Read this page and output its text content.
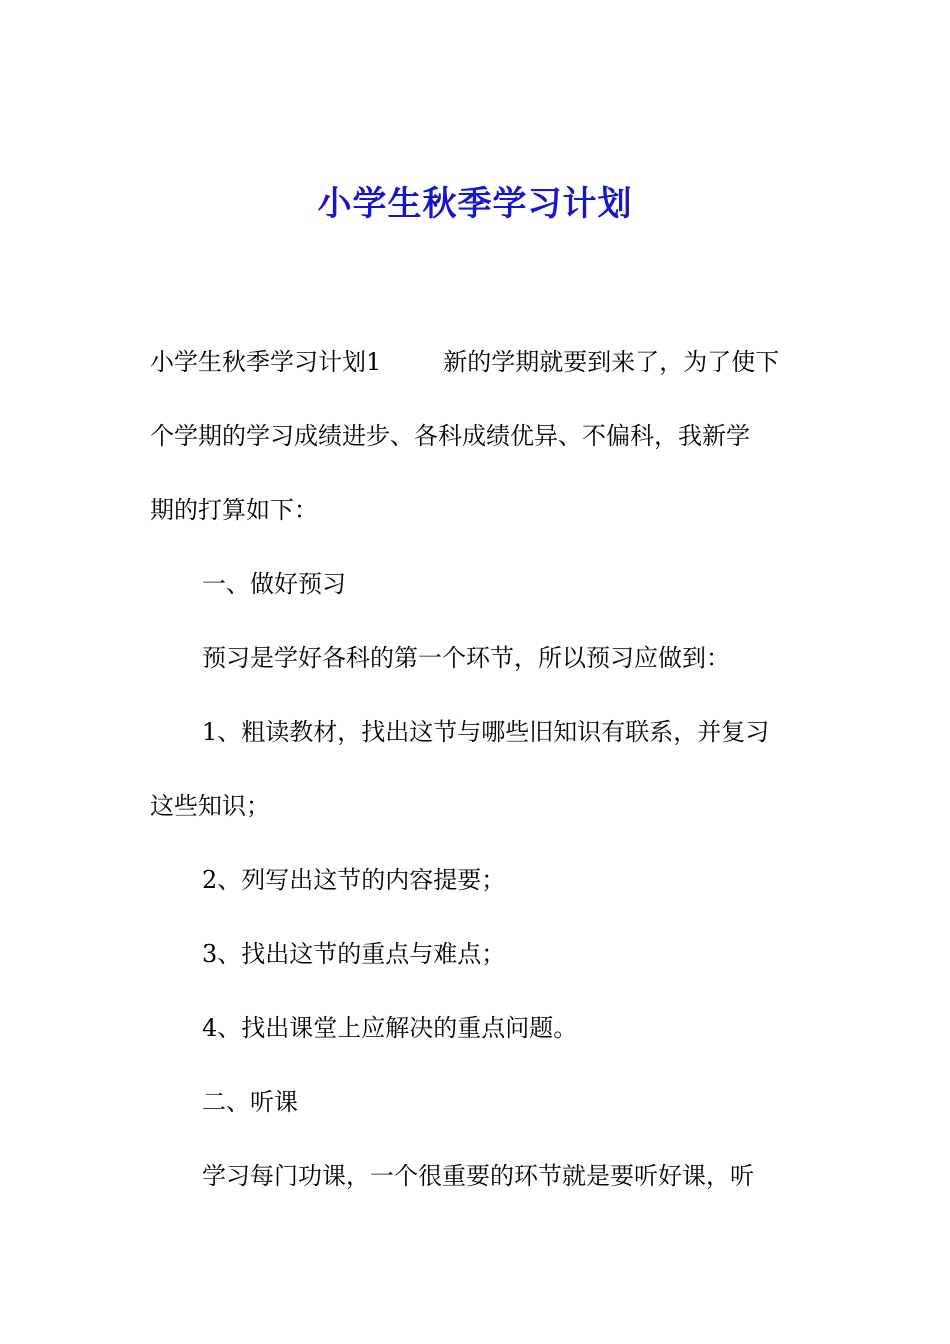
小学生秋季学习计划

小学生秋季学习计划1	新的学期就要到来了，为了使下

个学期的学习成绩进步、各科成绩优异、不偏科，我新学

期的打算如下：

一、做好预习

预习是学好各科的第一个环节，所以预习应做到：

1、粗读教材，找出这节与哪些旧知识有联系，并复习

这些知识；

2、列写出这节的内容提要；

3、找出这节的重点与难点；

4、找出课堂上应解决的重点问题。

二、听课

学习每门功课，一个很重要的环节就是要听好课，听
